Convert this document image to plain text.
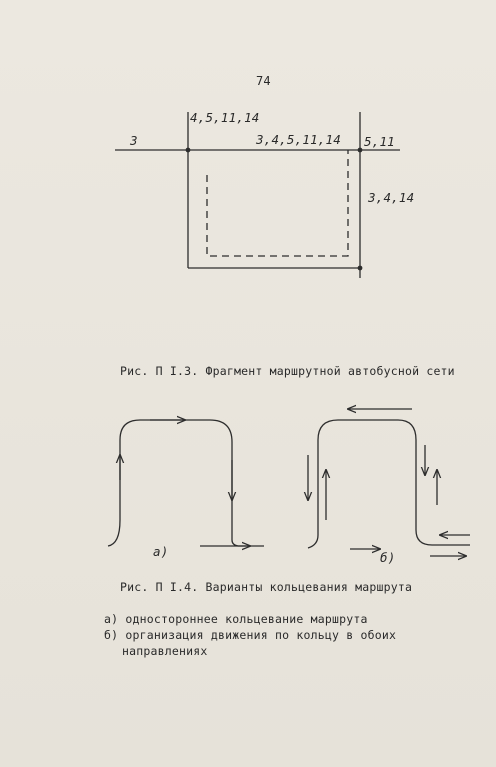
74
4,5,11,14
3	3,4,5,11,14 5,11
3,4,14
Рис. П I.3. Фрагмент маршрутной автобусной сети
а)	б)
Рис. П I.4. Варианты кольцевания маршрута
а) одностороннее кольцевание маршрута
б) организация движения по кольцу в обоих
направлениях
